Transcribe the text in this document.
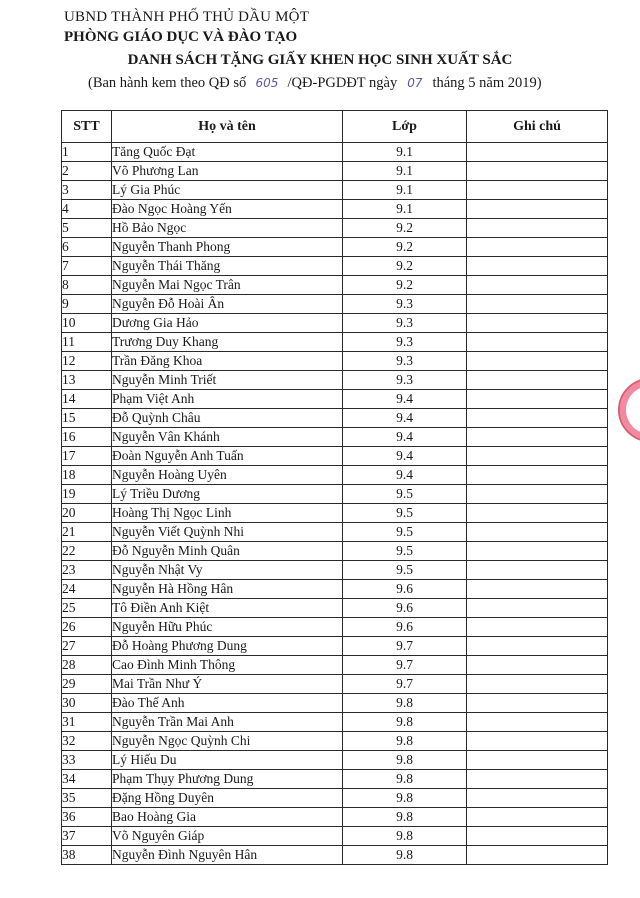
UBND THÀNH PHỐ THỦ DẦU MỘT
PHÒNG GIÁO DỤC VÀ ĐÀO TẠO
DANH SÁCH TẶNG GIẤY KHEN HỌC SINH XUẤT SẮC
(Ban hành kem theo QĐ số 605 /QĐ-PGDĐT ngày 07 tháng 5 năm 2019)
STT	Họ và tên	Lớp	Ghi chú
1	Tăng Quốc Đạt	9.1	
2	Võ Phương Lan	9.1	
3	Lý Gia Phúc	9.1	
4	Đào Ngọc Hoàng Yến	9.1	
5	Hồ Bảo Ngọc	9.2	
6	Nguyễn Thanh Phong	9.2	
7	Nguyễn Thái Thăng	9.2	
8	Nguyễn Mai Ngọc Trân	9.2	
9	Nguyễn Đỗ Hoài Ân	9.3	
10	Dương Gia Hảo	9.3	
11	Trương Duy Khang	9.3	
12	Trần Đăng Khoa	9.3	
13	Nguyễn Minh Triết	9.3	
14	Phạm Việt Anh	9.4	
15	Đỗ Quỳnh Châu	9.4	
16	Nguyễn Vân Khánh	9.4	
17	Đoàn Nguyễn Anh Tuấn	9.4	
18	Nguyễn Hoàng Uyên	9.4	
19	Lý Triều Dương	9.5	
20	Hoàng Thị Ngọc Linh	9.5	
21	Nguyễn Viết Quỳnh Nhi	9.5	
22	Đỗ Nguyễn Minh Quân	9.5	
23	Nguyễn Nhật Vy	9.5	
24	Nguyễn Hà Hồng Hân	9.6	
25	Tô Điền Anh Kiệt	9.6	
26	Nguyễn Hữu Phúc	9.6	
27	Đỗ Hoàng Phương Dung	9.7	
28	Cao Đình Minh Thông	9.7	
29	Mai Trần Như Ý	9.7	
30	Đào Thế Anh	9.8	
31	Nguyễn Trần Mai Anh	9.8	
32	Nguyễn Ngọc Quỳnh Chi	9.8	
33	Lý Hiếu Du	9.8	
34	Phạm Thụy Phương Dung	9.8	
35	Đặng Hồng Duyên	9.8	
36	Bao Hoàng Gia	9.8	
37	Võ Nguyên Giáp	9.8	
38	Nguyễn Đình Nguyên Hân	9.8	
